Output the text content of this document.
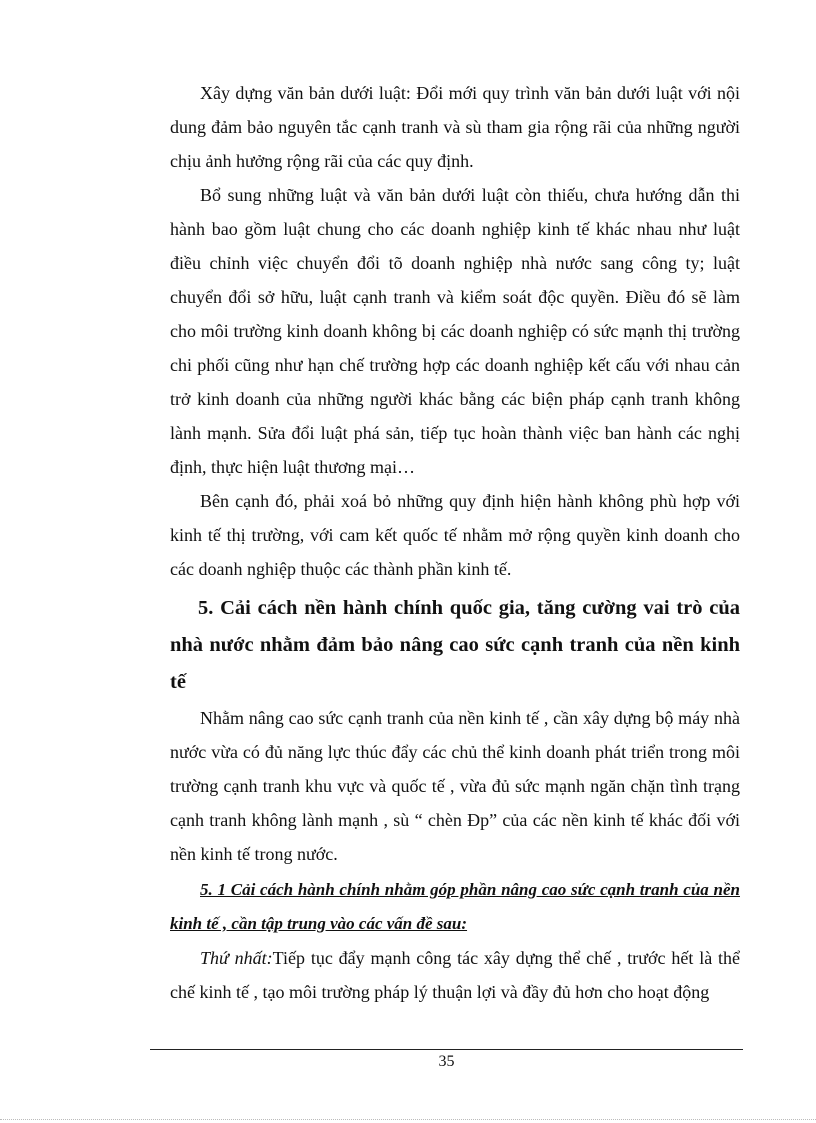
Xây dựng văn bản dưới luật: Đổi mới quy trình văn bản dưới luật với nội dung đảm bảo nguyên tắc cạnh tranh và sù tham gia rộng rãi của những người chịu ảnh hưởng rộng rãi của các quy định.

Bổ sung những luật và văn bản dưới luật còn thiếu, chưa hướng dẫn thi hành bao gồm luật chung cho các doanh nghiệp kinh tế khác nhau như luật điều chỉnh việc chuyển đổi tõ doanh nghiệp nhà nước sang công ty; luật chuyển đổi sở hữu, luật cạnh tranh và kiểm soát độc quyền. Điều đó sẽ làm cho môi trường kinh doanh không bị các doanh nghiệp có sức mạnh thị trường chi phối cũng như hạn chế trường hợp các doanh nghiệp kết cấu với nhau cản trở kinh doanh của những người khác bằng các biện pháp cạnh tranh không lành mạnh. Sửa đổi luật phá sản, tiếp tục hoàn thành việc ban hành các nghị định, thực hiện luật thương mại…

Bên cạnh đó, phải xoá bỏ những quy định hiện hành không phù hợp với kinh tế thị trường, với cam kết quốc tế nhằm mở rộng quyền kinh doanh cho các doanh nghiệp thuộc các thành phần kinh tế.

5. Cải cách nền hành chính quốc gia, tăng cường vai trò của nhà nước nhằm đảm bảo nâng cao sức cạnh tranh của nền kinh tế

Nhằm nâng cao sức cạnh tranh của nền kinh tế , cần xây dựng bộ máy nhà nước vừa có đủ năng lực thúc đẩy các chủ thể kinh doanh phát triển trong môi trường cạnh tranh khu vực và quốc tế , vừa đủ sức mạnh ngăn chặn tình trạng cạnh tranh không lành mạnh , sù “ chèn Đp” của các nền kinh tế khác đối với nền kinh tế trong nước.

5. 1 Cải cách hành chính nhằm góp phần nâng cao sức cạnh tranh của nền kinh tế , cần tập trung vào các vấn đề sau:

Thứ nhất:Tiếp tục đẩy mạnh công tác xây dựng thể chế , trước hết là thể chế kinh tế , tạo môi trường pháp lý thuận lợi và đầy đủ hơn cho hoạt động

35
